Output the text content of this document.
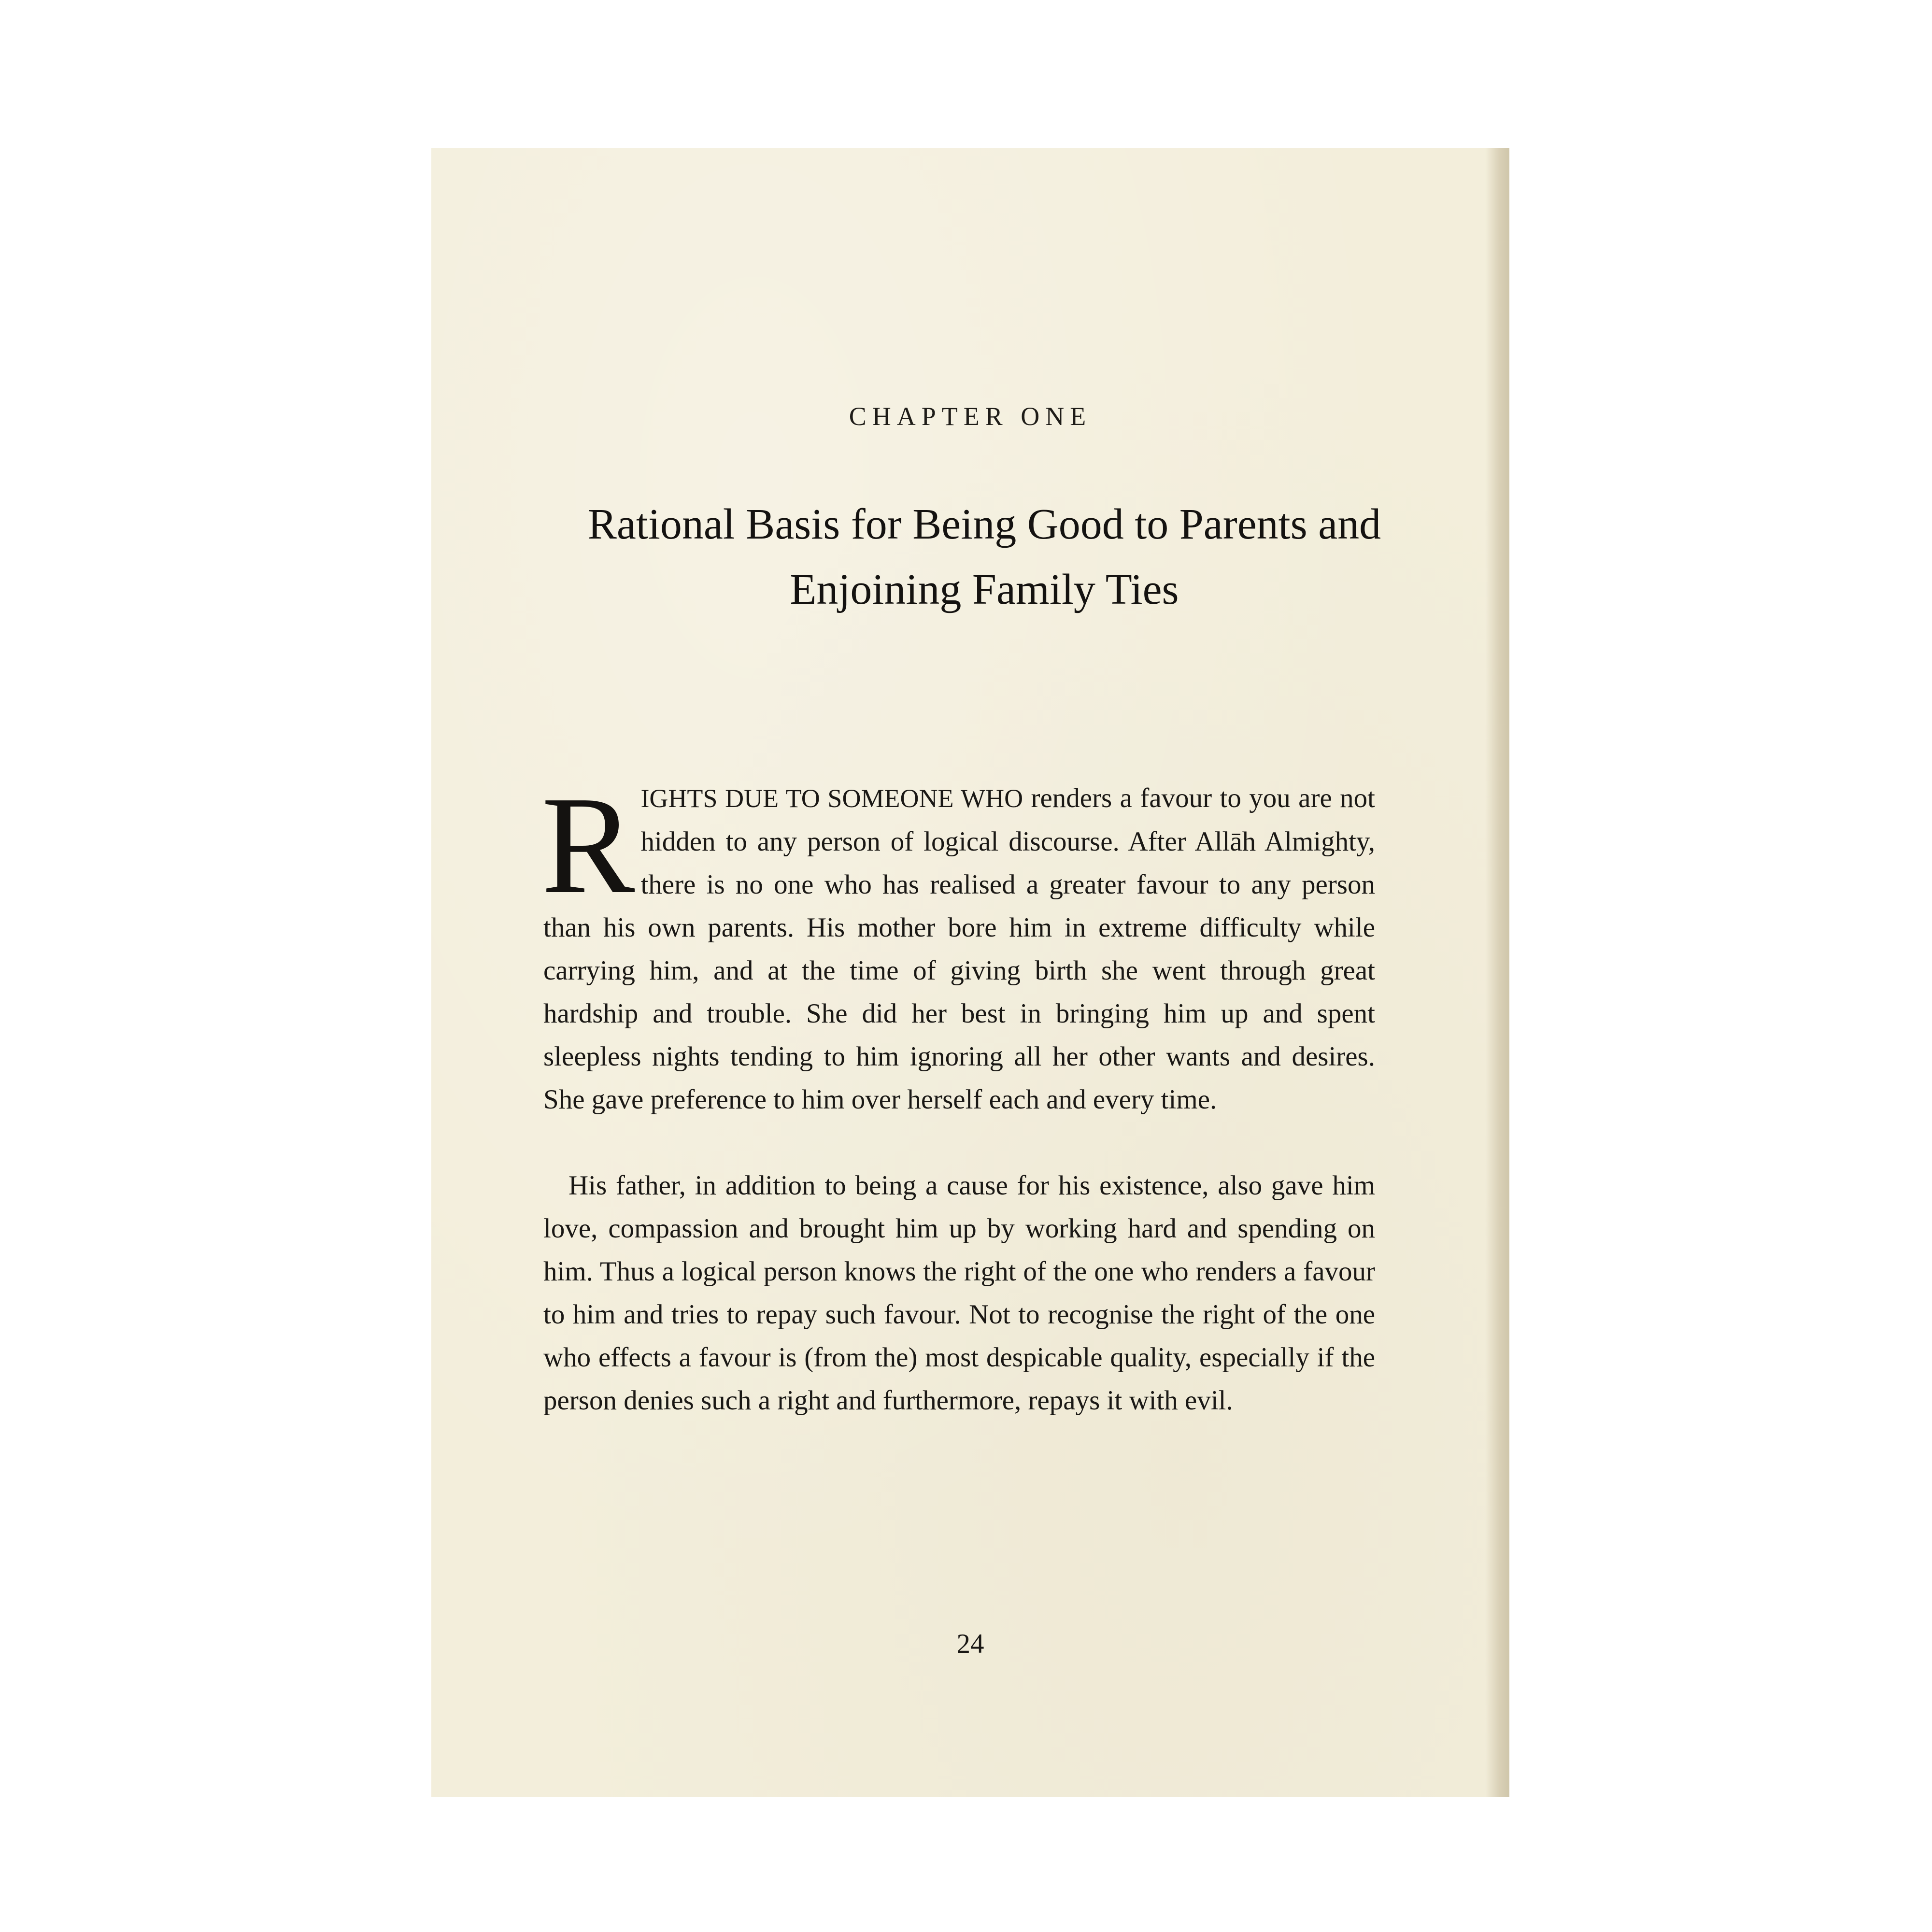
CHAPTER ONE
Rational Basis for Being Good to Parents and Enjoining Family Ties

RIGHTS DUE TO SOMEONE WHO renders a favour to you are not hidden to any person of logical discourse. After Allāh Almighty, there is no one who has realised a greater favour to any person than his own parents. His mother bore him in extreme difficulty while carrying him, and at the time of giving birth she went through great hardship and trouble. She did her best in bringing him up and spent sleepless nights tending to him ignoring all her other wants and desires. She gave preference to him over herself each and every time.

His father, in addition to being a cause for his existence, also gave him love, compassion and brought him up by working hard and spending on him. Thus a logical person knows the right of the one who renders a favour to him and tries to repay such favour. Not to recognise the right of the one who effects a favour is (from the) most despicable quality, especially if the person denies such a right and furthermore, repays it with evil.

24
